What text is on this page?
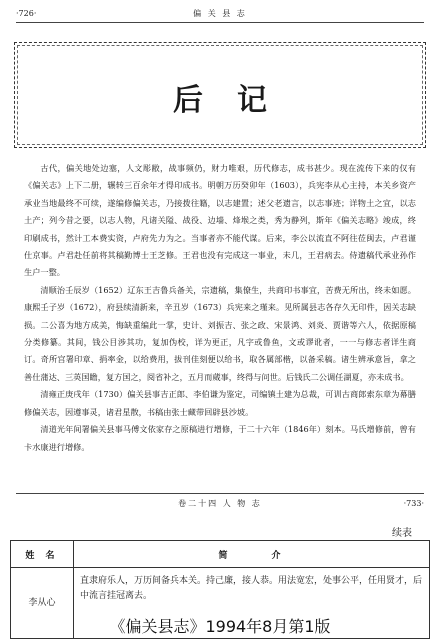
·726·	偏 关 县 志
后记

古代，偏关地处边塞，人文彫敝，战事频仍，财力唯艰，历代修志，成书甚少。现在流传下来的仅有《偏关志》上下二册，辗转三百余年才得印成书。明朝万历癸卯年（1603），兵宪李从心主持，本关乡资产承业当地最终不可续，遂编修偏关志，乃接拨往籍，以志建置；述父老遗言，以志事迹；详物土之宜，以志土产；列今昔之要，以志人物，凡诸关隘、战役、边墙、烽堠之类，秀为静列，斯年《偏关志略》竣成，终印刷成书，然计工本费实资，卢府先力为之。当事者亦不能代谋。后来，李公以流直不阿往莅闽去，卢君谨仕京事。卢君赴任前将其稿勤博士王芝修。王君也没有完成这一事业，未几，王君病去。侍遗稿代承业孙作生户一整。

清顺治壬辰岁（1652）辽东王吉鲁兵备关，宗遗稿，集僚生，共商印书事宜，苦费无所出，终未如愿。康熙壬子岁（1672），府县续清新来，辛丑岁（1673）兵宪来之瑾来。见所属县志各存久无印件，因关志缺损。二公喜为地方成美，悔缺重编此一掌，史计、刘振吉、张之政、宋景鸿、刘炎、贾谐等六人，依据原稿分类修纂。其间，钱公目涉其功，复加伪校，详为更正，凡字或鲁鱼，文或谬讹者，一一与修志者详生商订。奇所宫署印章、捐率金，以给费用，拔刊佳刻便以给书，取各属部楷，以备采稿。诸生辨承意旨，拿之善仕蒲达、三英国瞻，复方国之，阅省补之，五月而蒇事，终得与问世。后钱氏二公调任湖夏，亦未成书。

清雍正庚戌年（1730）偏关县事吉正郎、李伯谦为鉴定，司编镇土建为总裁，可训古商郎索东章为幕膳修偏关志，因遵事灵，诸君星散，书稿由张士藏带回辟县沙坡。

清道光年间署偏关县事马傅文依家存之原稿进行增修，于二十六年（1846年）刻本。马氏增修前，曾有卡水康进行增修。

卷二十四 人 物 志	·733·
续表
姓 名	简	介
李从心	直隶府乐人，万历间备兵本关。持己廉，接人恭。用法宽宏，处事公平，任用贤才，后中流言挂冠离去。	
《偏关县志》1994年8月第1版
